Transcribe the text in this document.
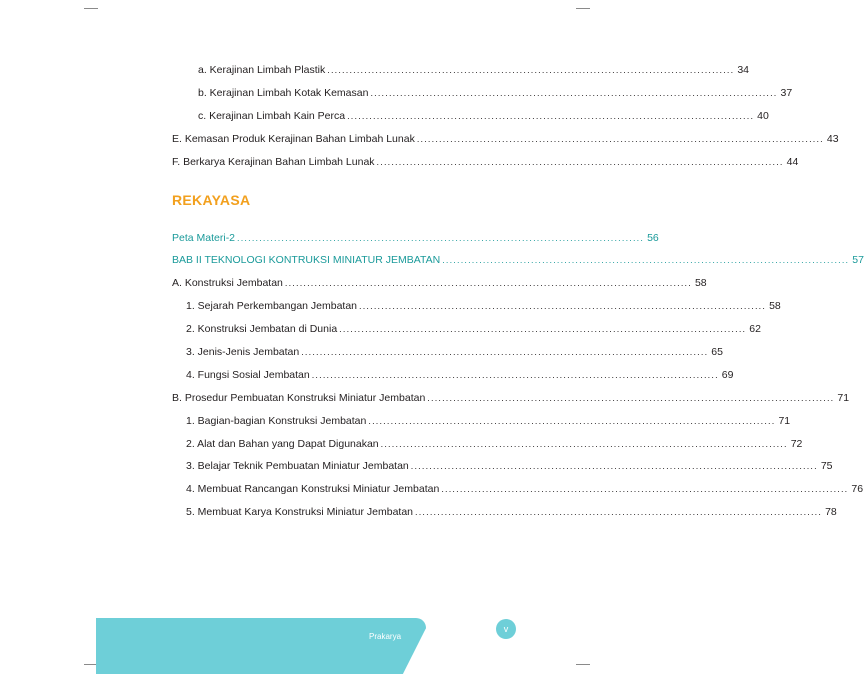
a. Kerajinan Limbah Plastik .............................................................................................................. 34
b. Kerajinan Limbah Kotak Kemasan .............................................................................................................. 37
c. Kerajinan Limbah Kain Perca .............................................................................................................. 40
E. Kemasan Produk Kerajinan Bahan Limbah Lunak .............................................................................................................. 43
F. Berkarya Kerajinan Bahan Limbah Lunak .............................................................................................................. 44
REKAYASA
Peta Materi-2 .............................................................................................................. 56
BAB II TEKNOLOGI KONTRUKSI MINIATUR JEMBATAN .............................................................................................................. 57
A. Konstruksi Jembatan .............................................................................................................. 58
1. Sejarah Perkembangan Jembatan .............................................................................................................. 58
2. Konstruksi Jembatan di Dunia .............................................................................................................. 62
3. Jenis-Jenis Jembatan .............................................................................................................. 65
4. Fungsi Sosial Jembatan .............................................................................................................. 69
B. Prosedur Pembuatan Konstruksi Miniatur Jembatan .............................................................................................................. 71
1. Bagian-bagian Konstruksi Jembatan .............................................................................................................. 71
2. Alat dan Bahan yang Dapat Digunakan .............................................................................................................. 72
3. Belajar Teknik Pembuatan Miniatur Jembatan .............................................................................................................. 75
4. Membuat Rancangan Konstruksi Miniatur Jembatan .............................................................................................................. 76
5. Membuat Karya Konstruksi Miniatur Jembatan .............................................................................................................. 78
Prakarya
v
